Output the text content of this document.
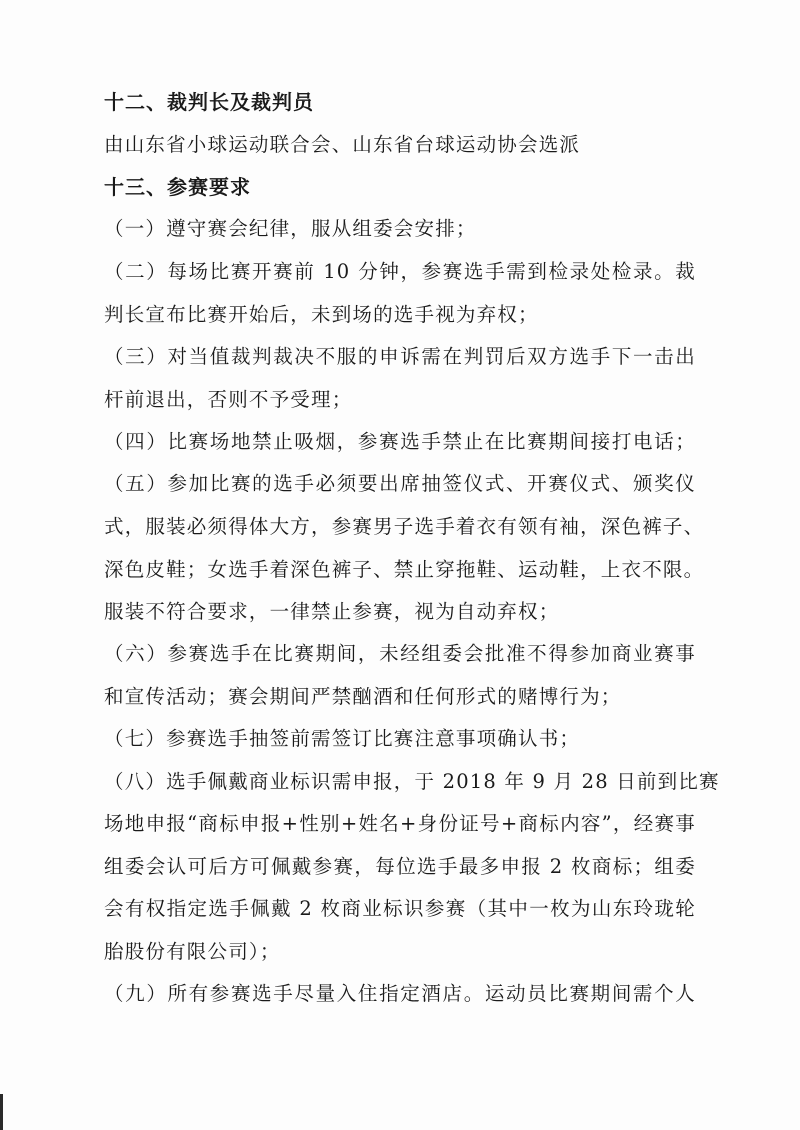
十二、裁判长及裁判员
由山东省小球运动联合会、山东省台球运动协会选派
十三、参赛要求
（一）遵守赛会纪律，服从组委会安排；
（二）每场比赛开赛前 10 分钟，参赛选手需到检录处检录。裁
判长宣布比赛开始后，未到场的选手视为弃权；
（三）对当值裁判裁决不服的申诉需在判罚后双方选手下一击出
杆前退出，否则不予受理；
（四）比赛场地禁止吸烟，参赛选手禁止在比赛期间接打电话；
（五）参加比赛的选手必须要出席抽签仪式、开赛仪式、颁奖仪
式，服装必须得体大方，参赛男子选手着衣有领有袖，深色裤子、
深色皮鞋；女选手着深色裤子、禁止穿拖鞋、运动鞋，上衣不限。
服装不符合要求，一律禁止参赛，视为自动弃权；
（六）参赛选手在比赛期间，未经组委会批准不得参加商业赛事
和宣传活动；赛会期间严禁酗酒和任何形式的赌博行为；
（七）参赛选手抽签前需签订比赛注意事项确认书；
（八）选手佩戴商业标识需申报，于 2018 年 9 月 28 日前到比赛
场地申报“商标申报+性别+姓名+身份证号+商标内容”，经赛事
组委会认可后方可佩戴参赛，每位选手最多申报 2 枚商标；组委
会有权指定选手佩戴 2 枚商业标识参赛（其中一枚为山东玲珑轮
胎股份有限公司）；
（九）所有参赛选手尽量入住指定酒店。运动员比赛期间需个人
